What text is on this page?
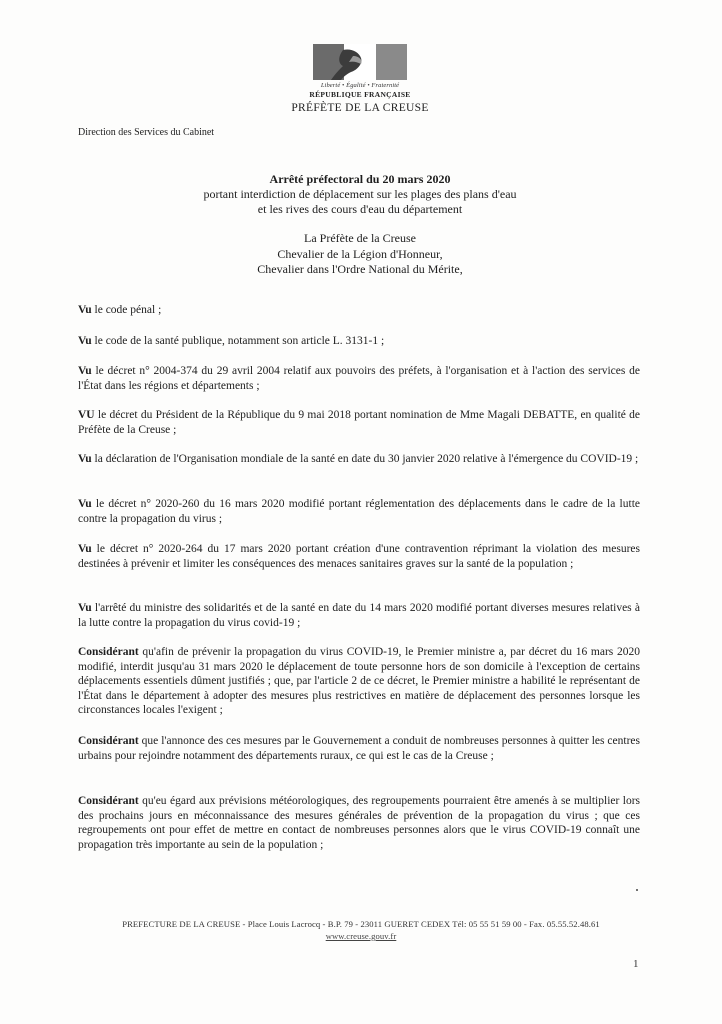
Liberté • Égalité • Fraternité
RÉPUBLIQUE FRANÇAISE
PRÉFÈTE DE LA CREUSE
Direction des Services du Cabinet
Arrêté préfectoral du 20 mars 2020
portant interdiction de déplacement sur les plages des plans d'eau
et les rives des cours d'eau du département
La Préfète de la Creuse
Chevalier de la Légion d'Honneur,
Chevalier dans l'Ordre National du Mérite,

Vu le code pénal ;

Vu le code de la santé publique, notamment son article L. 3131-1 ;

Vu le décret n° 2004-374 du 29 avril 2004 relatif aux pouvoirs des préfets, à l'organisation et à l'action des services de l'État dans les régions et départements ;

VU le décret du Président de la République du 9 mai 2018 portant nomination de Mme Magali DEBATTE, en qualité de Préfète de la Creuse ;

Vu la déclaration de l'Organisation mondiale de la santé en date du 30 janvier 2020 relative à l'émergence du COVID-19 ;

Vu le décret n° 2020-260 du 16 mars 2020 modifié portant réglementation des déplacements dans le cadre de la lutte contre la propagation du virus ;

Vu le décret n° 2020-264 du 17 mars 2020 portant création d'une contravention réprimant la violation des mesures destinées à prévenir et limiter les conséquences des menaces sanitaires graves sur la santé de la population ;

Vu l'arrêté du ministre des solidarités et de la santé en date du 14 mars 2020 modifié portant diverses mesures relatives à la lutte contre la propagation du virus covid-19 ;

Considérant qu'afin de prévenir la propagation du virus COVID-19, le Premier ministre a, par décret du 16 mars 2020 modifié, interdit jusqu'au 31 mars 2020 le déplacement de toute personne hors de son domicile à l'exception de certains déplacements essentiels dûment justifiés ; que, par l'article 2 de ce décret, le Premier ministre a habilité le représentant de l'État dans le département à adopter des mesures plus restrictives en matière de déplacement des personnes lorsque les circonstances locales l'exigent ;

Considérant que l'annonce des ces mesures par le Gouvernement a conduit de nombreuses personnes à quitter les centres urbains pour rejoindre notamment des départements ruraux, ce qui est le cas de la Creuse ;

Considérant qu'eu égard aux prévisions météorologiques, des regroupements pourraient être amenés à se multiplier lors des prochains jours en méconnaissance des mesures générales de prévention de la propagation du virus ; que ces regroupements ont pour effet de mettre en contact de nombreuses personnes alors que le virus COVID-19 connaît une propagation très importante au sein de la population ;

PREFECTURE DE LA CREUSE - Place Louis Lacrocq - B.P. 79 - 23011 GUERET CEDEX Tél: 05 55 51 59 00 - Fax. 05.55.52.48.61
www.creuse.gouv.fr
1
